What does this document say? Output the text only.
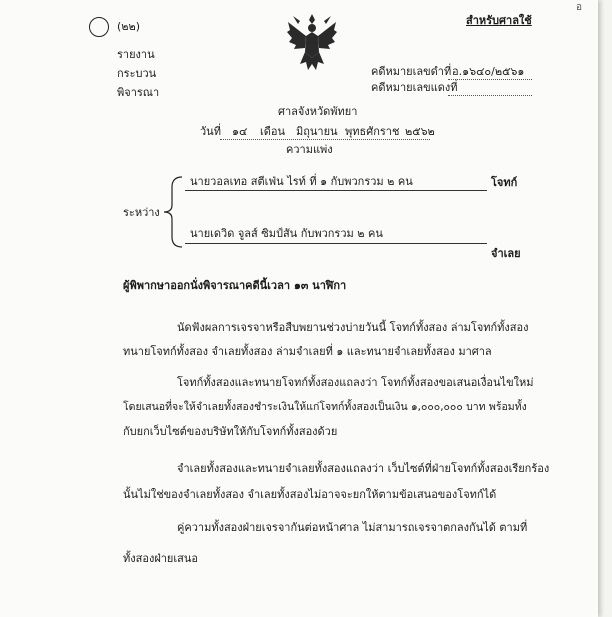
(๒๒)	สำหรับศาลใช้
อ
รายงาน
กระบวน
พิจารณา
คดีหมายเลขดำที่ อ.๑๖๔๐/๒๕๖๑
คดีหมายเลขแดงที่
ศาลจังหวัดพัทยา
วันที่ ๑๔ เดือน มิถุนายน พุทธศักราช ๒๕๖๒
ความแพ่ง
ระหว่าง
นายวอลเทอ สตีเฟ่น ไรท์ ที่ ๑ กับพวกรวม ๒ คน	โจทก์
นายเดวิด จูลส์ ซิมป์สัน กับพวกรวม ๒ คน
จำเลย
ผู้พิพากษาออกนั่งพิจารณาคดีนี้เวลา ๑๓ นาฬิกา
นัดฟังผลการเจรจาหรือสืบพยานช่วงบ่ายวันนี้ โจทก์ทั้งสอง ล่ามโจทก์ทั้งสอง
ทนายโจทก์ทั้งสอง จำเลยทั้งสอง ล่ามจำเลยที่ ๑ และทนายจำเลยทั้งสอง มาศาล
โจทก์ทั้งสองและทนายโจทก์ทั้งสองแถลงว่า โจทก์ทั้งสองขอเสนอเงื่อนไขใหม่
โดยเสนอที่จะให้จำเลยทั้งสองชำระเงินให้แก่โจทก์ทั้งสองเป็นเงิน ๑,๐๐๐,๐๐๐ บาท พร้อมทั้ง
กับยกเว็บไซต์ของบริษัทให้กับโจทก์ทั้งสองด้วย
จำเลยทั้งสองและทนายจำเลยทั้งสองแถลงว่า เว็บไซต์ที่ฝ่ายโจทก์ทั้งสองเรียกร้อง
นั้นไม่ใช่ของจำเลยทั้งสอง จำเลยทั้งสองไม่อาจจะยกให้ตามข้อเสนอของโจทก์ได้
คู่ความทั้งสองฝ่ายเจรจากันต่อหน้าศาล ไม่สามารถเจรจาตกลงกันได้ ตามที่
ทั้งสองฝ่ายเสนอ
